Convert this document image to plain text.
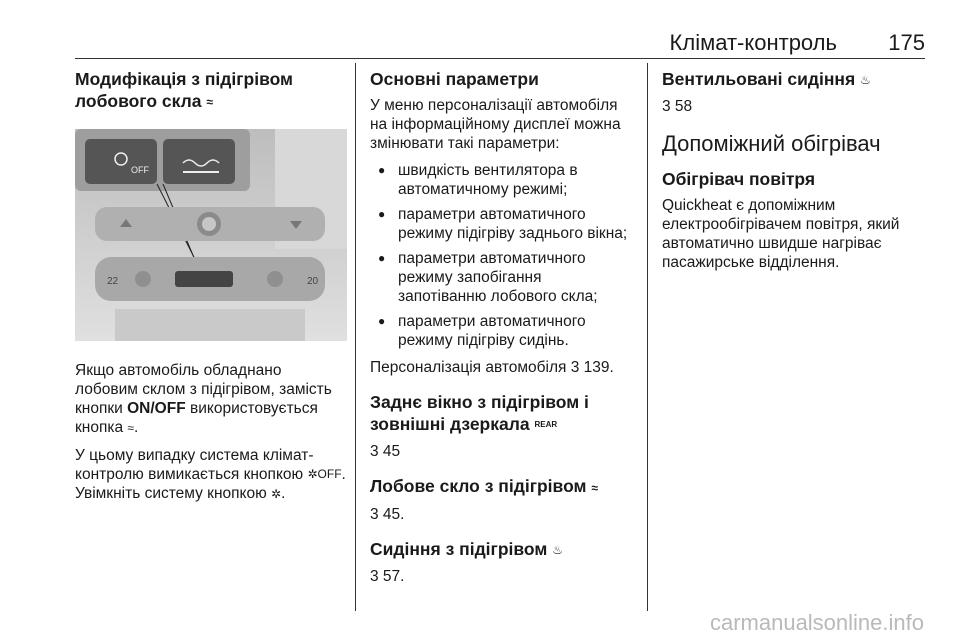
Клімат-контроль 175
Модифікація з підігрівом
лобового скла ≈
OFF
22	20

Якщо автомобіль обладнано лобовим склом з підігрівом, замість кнопки ON/OFF використовується кнопка ≈.

У цьому випадку система клімат-контролю вимикається кнопкою ✲OFF.
Увімкніть систему кнопкою ✲.

Основні параметри

У меню персоналізації автомобіля на інформаційному дисплеї можна змінювати такі параметри:

● швидкість вентилятора в автоматичному режимі;
● параметри автоматичного режиму підігріву заднього вікна;
● параметри автоматичного режиму запобігання запотіванню лобового скла;
● параметри автоматичного режиму підігріву сидінь.

Персоналізація автомобіля 3 139.

Заднє вікно з підігрівом і
зовнішні дзеркала REAR

3 45

Лобове скло з підігрівом ≈

3 45.

Сидіння з підігрівом ♨

3 57.

Вентильовані сидіння ♨

3 58

Допоміжний обігрівач
Обігрівач повітря

Quickheat є допоміжним електрообігрівачем повітря, який автоматично швидше нагріває пасажирське відділення.

carmanualsonline.info
